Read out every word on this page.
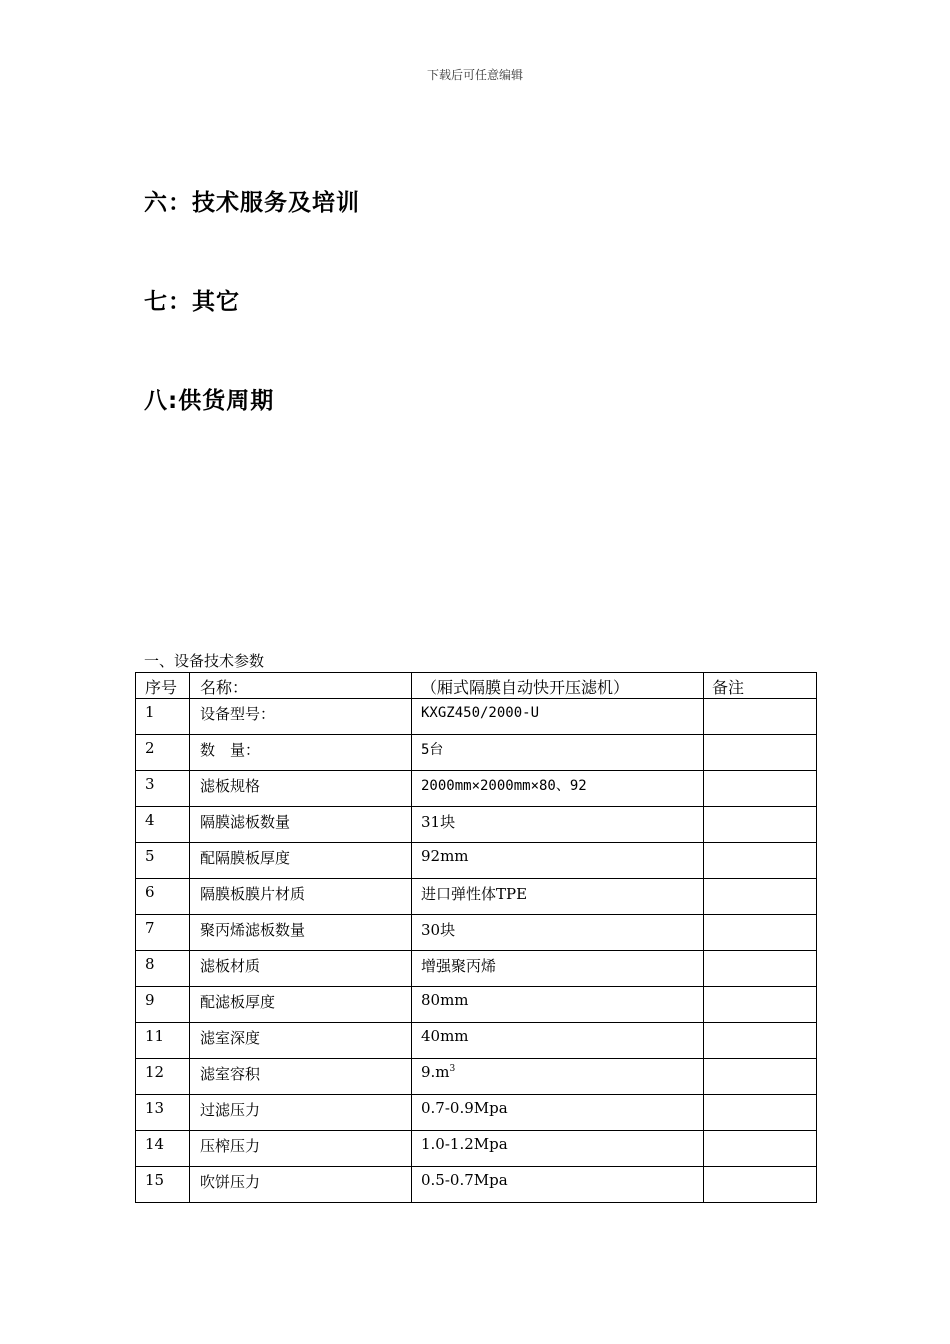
下载后可任意编辑
六：技术服务及培训
七：其它
八:供货周期
一、设备技术参数
序号	名称：	（厢式隔膜自动快开压滤机）	备注
1	设备型号：	KXGZ450/2000-U	
2	数　量：	5台	
3	滤板规格	2000mm×2000mm×80、92	
4	隔膜滤板数量	31块	
5	配隔膜板厚度	92mm	
6	隔膜板膜片材质	进口弹性体TPE	
7	聚丙烯滤板数量	30块	
8	滤板材质	增强聚丙烯	
9	配滤板厚度	80mm	
11	滤室深度	40mm	
12	滤室容积	$9.m^3$	
13	过滤压力	0.7-0.9Mpa	
14	压榨压力	1.0-1.2Mpa	
15	吹饼压力	0.5-0.7Mpa	
